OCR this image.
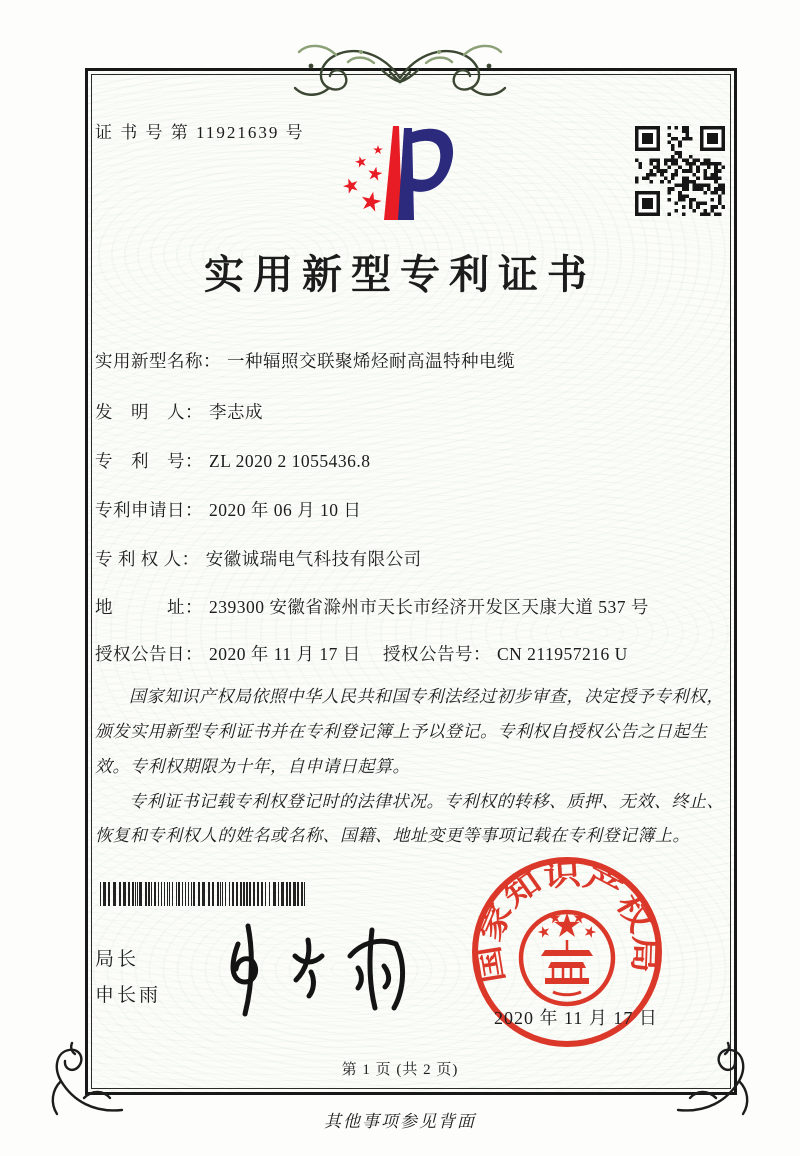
证 书 号 第 11921639 号
实用新型专利证书
实用新型名称： 一种辐照交联聚烯烃耐高温特种电缆
发　明　人： 李志成
专　利　号： ZL 2020 2 1055436.8
专利申请日： 2020 年 06 月 10 日
专 利 权 人： 安徽诚瑞电气科技有限公司
地　　　址： 239300 安徽省滁州市天长市经济开发区天康大道 537 号
授权公告日： 2020 年 11 月 17 日 授权公告号： CN 211957216 U

国家知识产权局依照中华人民共和国专利法经过初步审查，决定授予专利权，颁发实用新型专利证书并在专利登记簿上予以登记。专利权自授权公告之日起生效。专利权期限为十年，自申请日起算。

专利证书记载专利权登记时的法律状况。专利权的转移、质押、无效、终止、恢复和专利权人的姓名或名称、国籍、地址变更等事项记载在专利登记簿上。

局长
申长雨
国家知识产权局
2020 年 11 月 17 日
第 1 页 (共 2 页)
其他事项参见背面
